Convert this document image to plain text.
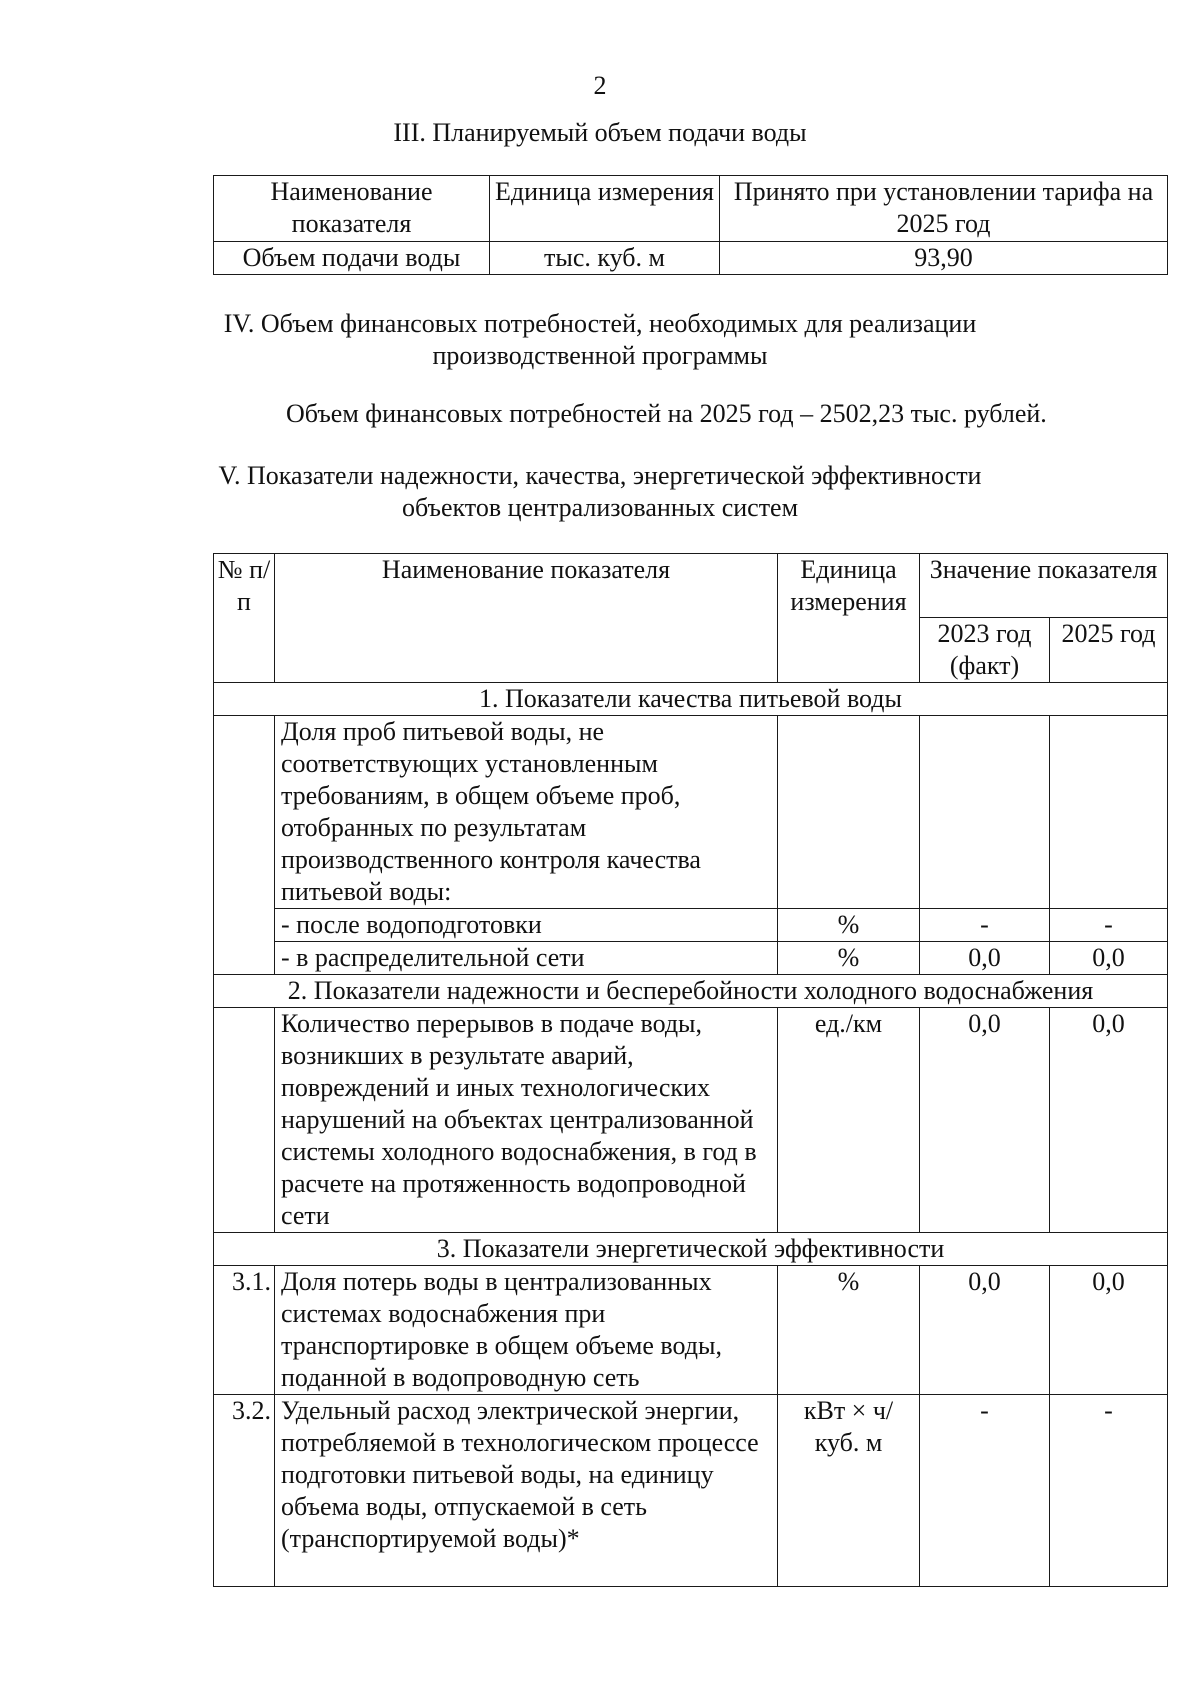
2
III. Планируемый объем подачи воды
Наименование показателя	Единица измерения	Принято при установлении тарифа на 2025 год
Объем подачи воды	тыс. куб. м	93,90
IV. Объем финансовых потребностей, необходимых для реализации
производственной программы
Объем финансовых потребностей на 2025 год – 2502,23 тыс. рублей.
V. Показатели надежности, качества, энергетической эффективности
объектов централизованных систем
№ п/п	Наименование показателя	Единица измерения	Значение показателя	
			2023 год (факт)	2025 год
1. Показатели качества питьевой воды				
	Доля проб питьевой воды, не соответствующих установленным требованиям, в общем объеме проб, отобранных по результатам производственного контроля качества питьевой воды:			
	- после водоподготовки	%	-	-
	- в распределительной сети	%	0,0	0,0
2. Показатели надежности и бесперебойности холодного водоснабжения				
	Количество перерывов в подаче воды, возникших в результате аварий, повреждений и иных технологических нарушений на объектах централизованной системы холодного водоснабжения, в год в расчете на протяженность водопроводной сети	ед./км	0,0	0,0
3. Показатели энергетической эффективности				
3.1.	Доля потерь воды в централизованных системах водоснабжения при транспортировке в общем объеме воды, поданной в водопроводную сеть	%	0,0	0,0
3.2.	Удельный расход электрической энергии, потребляемой в технологическом процессе подготовки питьевой воды, на единицу объема воды, отпускаемой в сеть (транспортируемой воды)*	кВт × ч/ куб. м	-	-
